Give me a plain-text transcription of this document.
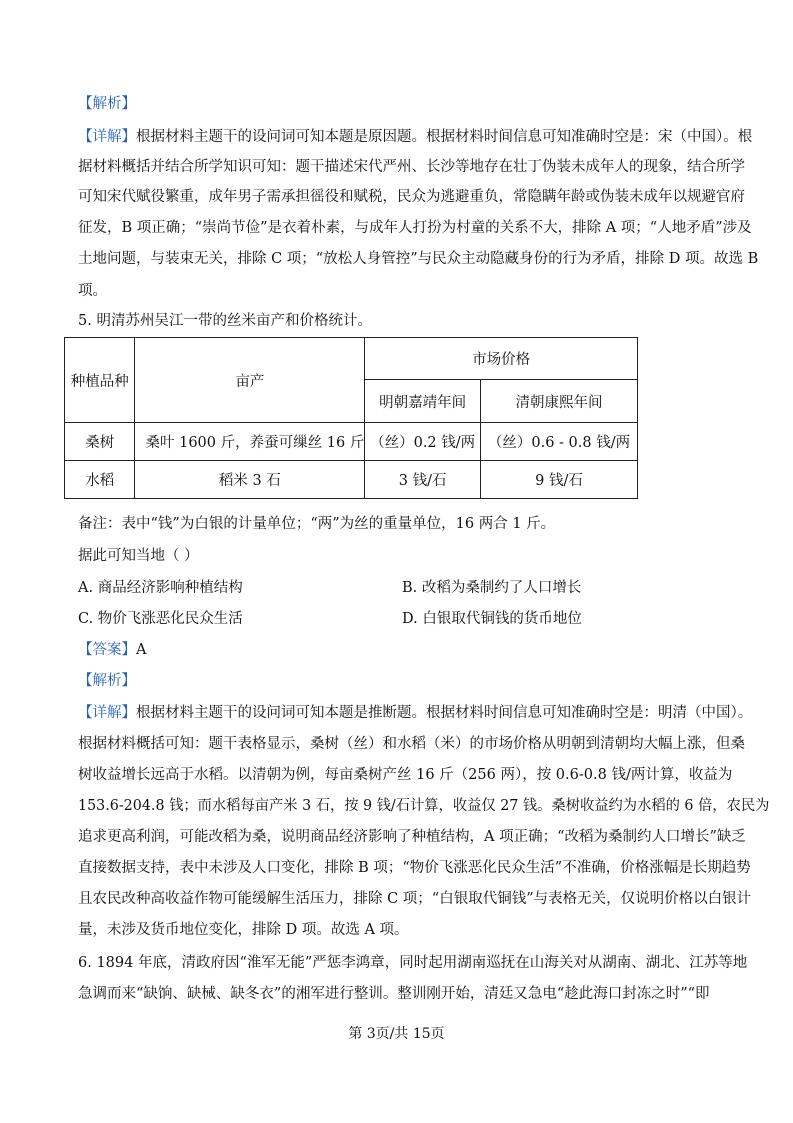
【解析】
【详解】根据材料主题干的设问词可知本题是原因题。根据材料时间信息可知准确时空是：宋（中国）。根
据材料概括并结合所学知识可知：题干描述宋代严州、长沙等地存在壮丁伪装未成年人的现象，结合所学
可知宋代赋役繁重，成年男子需承担徭役和赋税，民众为逃避重负，常隐瞒年龄或伪装未成年以规避官府
征发，B 项正确；“崇尚节俭”是衣着朴素，与成年人打扮为村童的关系不大，排除 A 项；“人地矛盾”涉及
土地问题，与装束无关，排除 C 项；“放松人身管控”与民众主动隐藏身份的行为矛盾，排除 D 项。故选 B
项。
5. 明清苏州吴江一带的丝米亩产和价格统计。
种植品种	亩产	市场价格	
		明朝嘉靖年间	清朝康熙年间
桑树	桑叶 1600 斤，养蚕可缫丝 16 斤	（丝）0.2 钱/两	（丝）0.6 - 0.8 钱/两
水稻	稻米 3 石	3 钱/石	9 钱/石
备注：表中“钱”为白银的计量单位；“两”为丝的重量单位，16 两合 1 斤。
据此可知当地（ ）
A. 商品经济影响种植结构	B. 改稻为桑制约了人口增长
C. 物价飞涨恶化民众生活	D. 白银取代铜钱的货币地位
【答案】A
【解析】
【详解】根据材料主题干的设问词可知本题是推断题。根据材料时间信息可知准确时空是：明清（中国）。
根据材料概括可知：题干表格显示，桑树（丝）和水稻（米）的市场价格从明朝到清朝均大幅上涨，但桑
树收益增长远高于水稻。以清朝为例，每亩桑树产丝 16 斤（256 两），按 0.6-0.8 钱/两计算，收益为
153.6-204.8 钱；而水稻每亩产米 3 石，按 9 钱/石计算，收益仅 27 钱。桑树收益约为水稻的 6 倍，农民为
追求更高利润，可能改稻为桑，说明商品经济影响了种植结构，A 项正确；“改稻为桑制约人口增长”缺乏
直接数据支持，表中未涉及人口变化，排除 B 项；“物价飞涨恶化民众生活”不准确，价格涨幅是长期趋势
且农民改种高收益作物可能缓解生活压力，排除 C 项；“白银取代铜钱”与表格无关，仅说明价格以白银计
量，未涉及货币地位变化，排除 D 项。故选 A 项。
6. 1894 年底，清政府因“淮军无能”严惩李鸿章，同时起用湖南巡抚在山海关对从湖南、湖北、江苏等地
急调而来“缺饷、缺械、缺冬衣”的湘军进行整训。整训刚开始，清廷又急电“趁此海口封冻之时”“即
第 3页/共 15页
